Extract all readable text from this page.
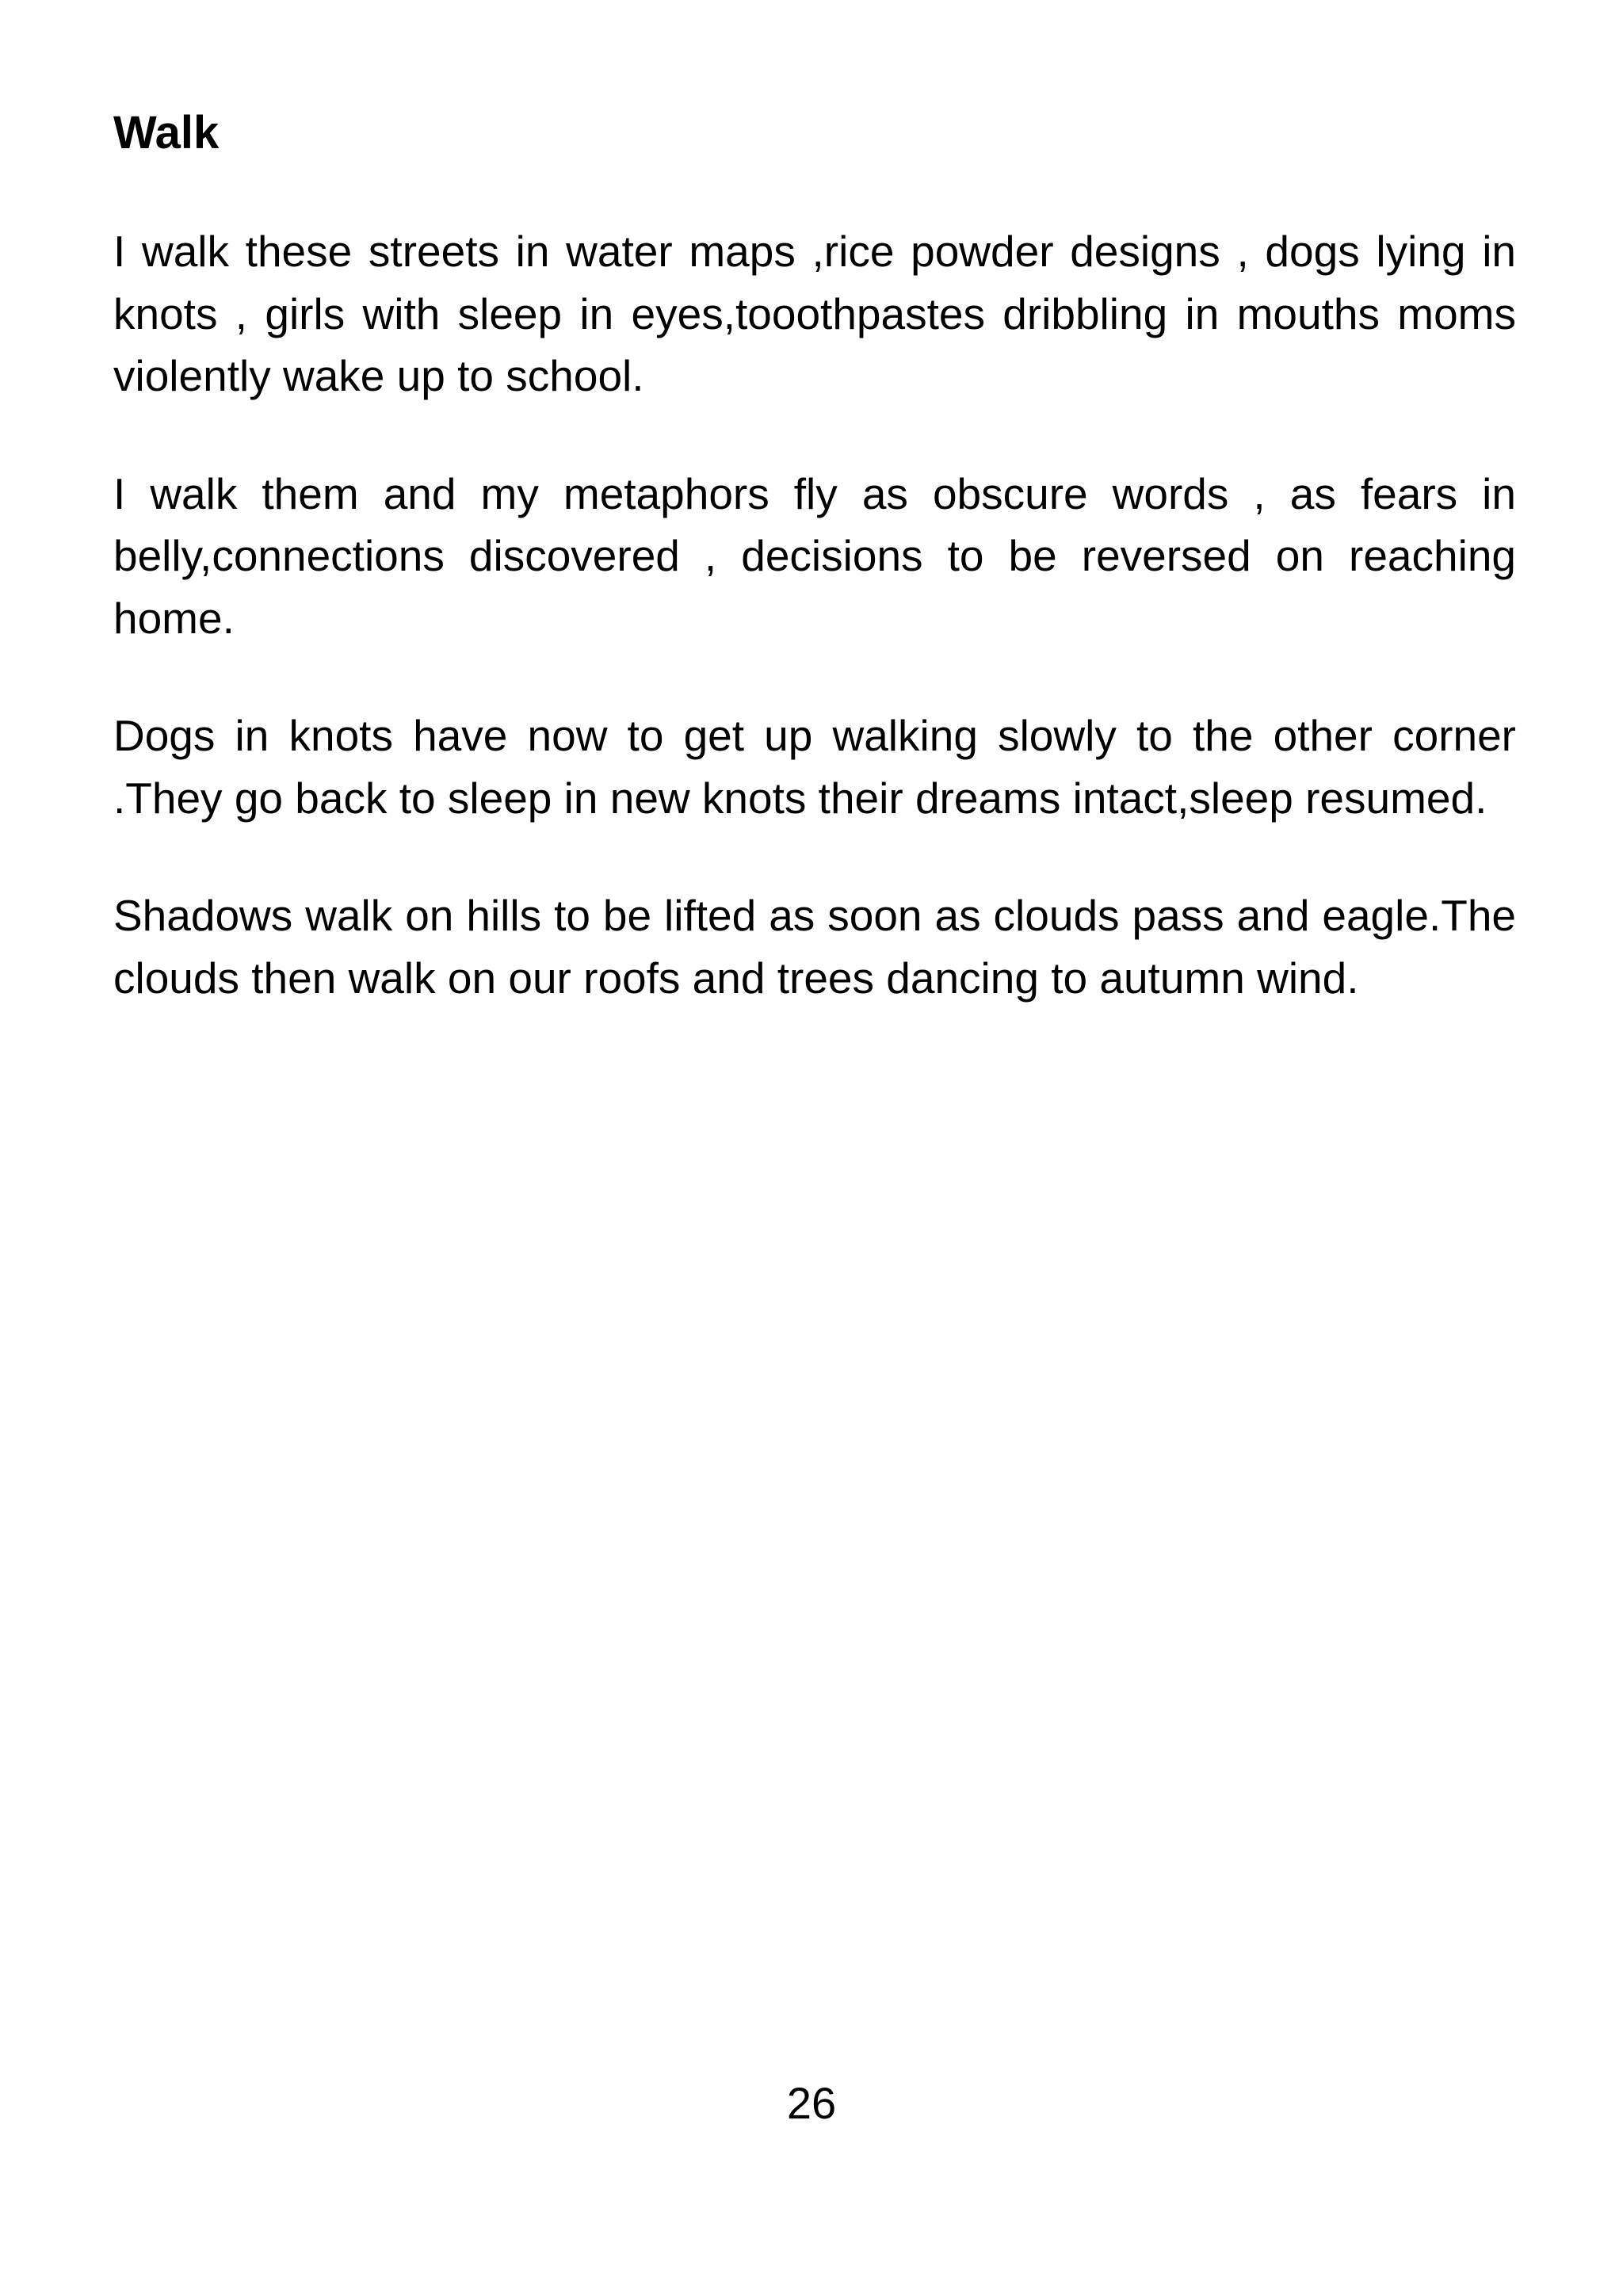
Walk

I walk these streets in water maps ,rice powder designs , dogs lying in knots , girls with sleep in eyes,tooothpastes dribbling in mouths moms violently wake up to school.

I walk them and my metaphors fly as obscure words , as fears in belly,connections discovered , decisions to be reversed on reaching home.

Dogs in knots have now to get up walking slowly to the other corner .They go back to sleep in new knots their dreams intact,sleep resumed.

Shadows walk on hills to be lifted as soon as clouds pass and eagle.The clouds then walk on our roofs and trees dancing to autumn wind.

26
